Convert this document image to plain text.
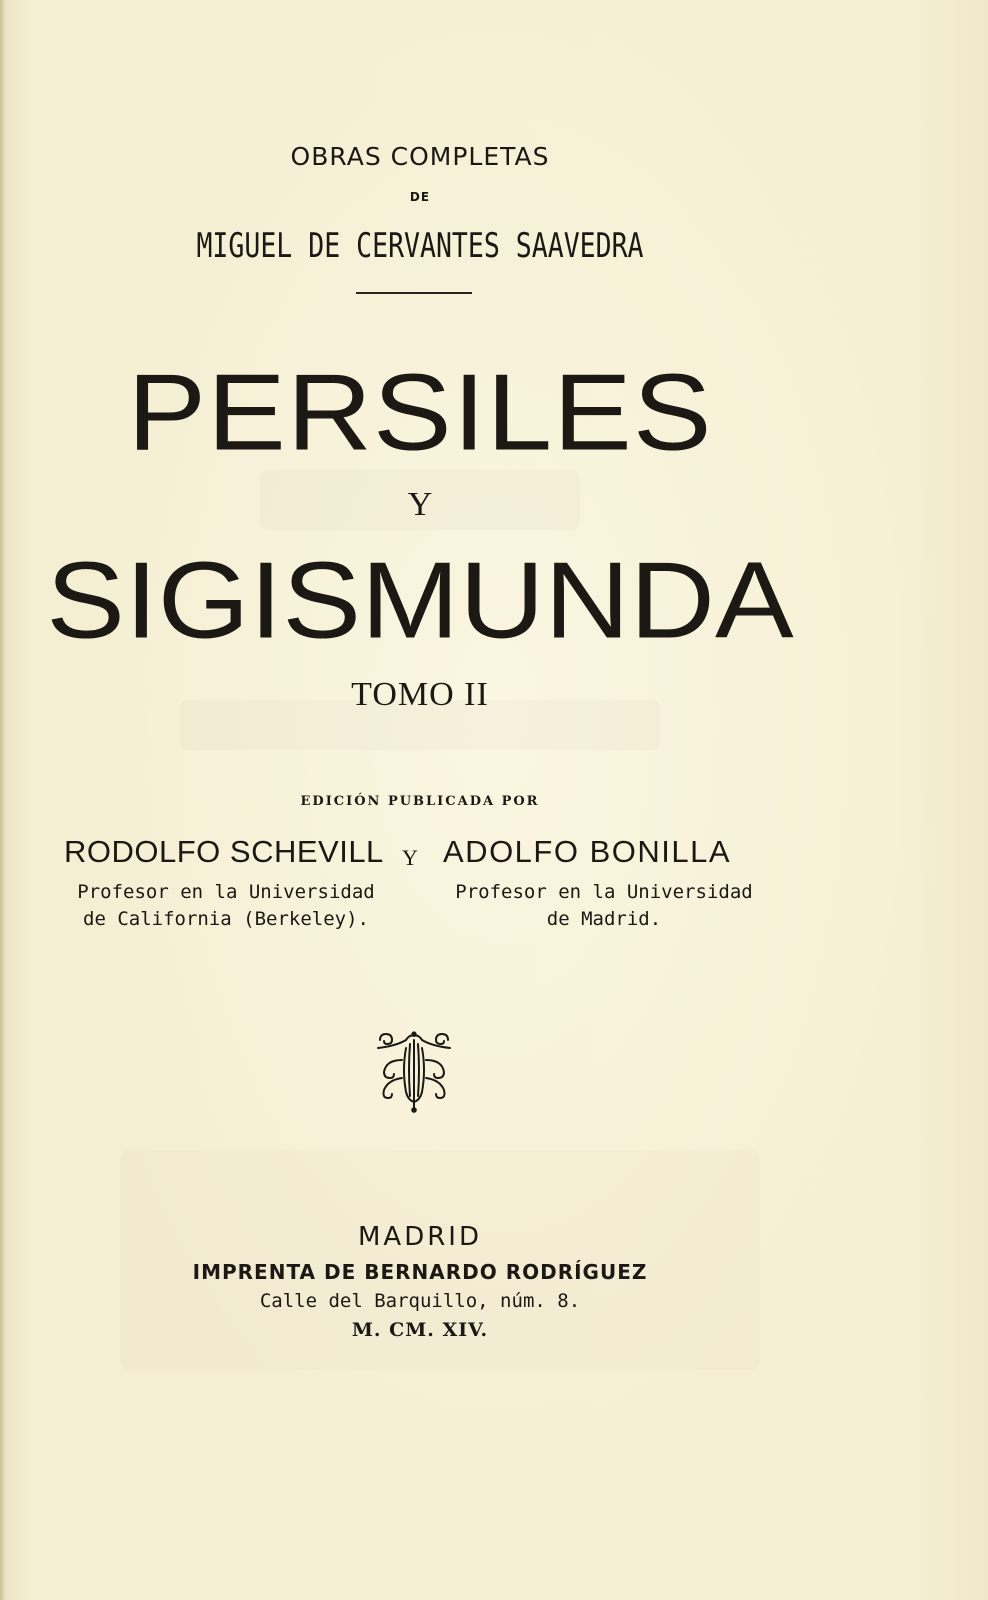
OBRAS COMPLETAS
DE
MIGUEL DE CERVANTES SAAVEDRA
PERSILES
Y
SIGISMUNDA
TOMO II
EDICIÓN PUBLICADA POR
RODOLFO SCHEVILL Y ADOLFO BONILLA
Profesor en la Universidad
de California (Berkeley).
Profesor en la Universidad
de Madrid.
MADRID
IMPRENTA DE BERNARDO RODRÍGUEZ
Calle del Barquillo, núm. 8.
M. CM. XIV.
